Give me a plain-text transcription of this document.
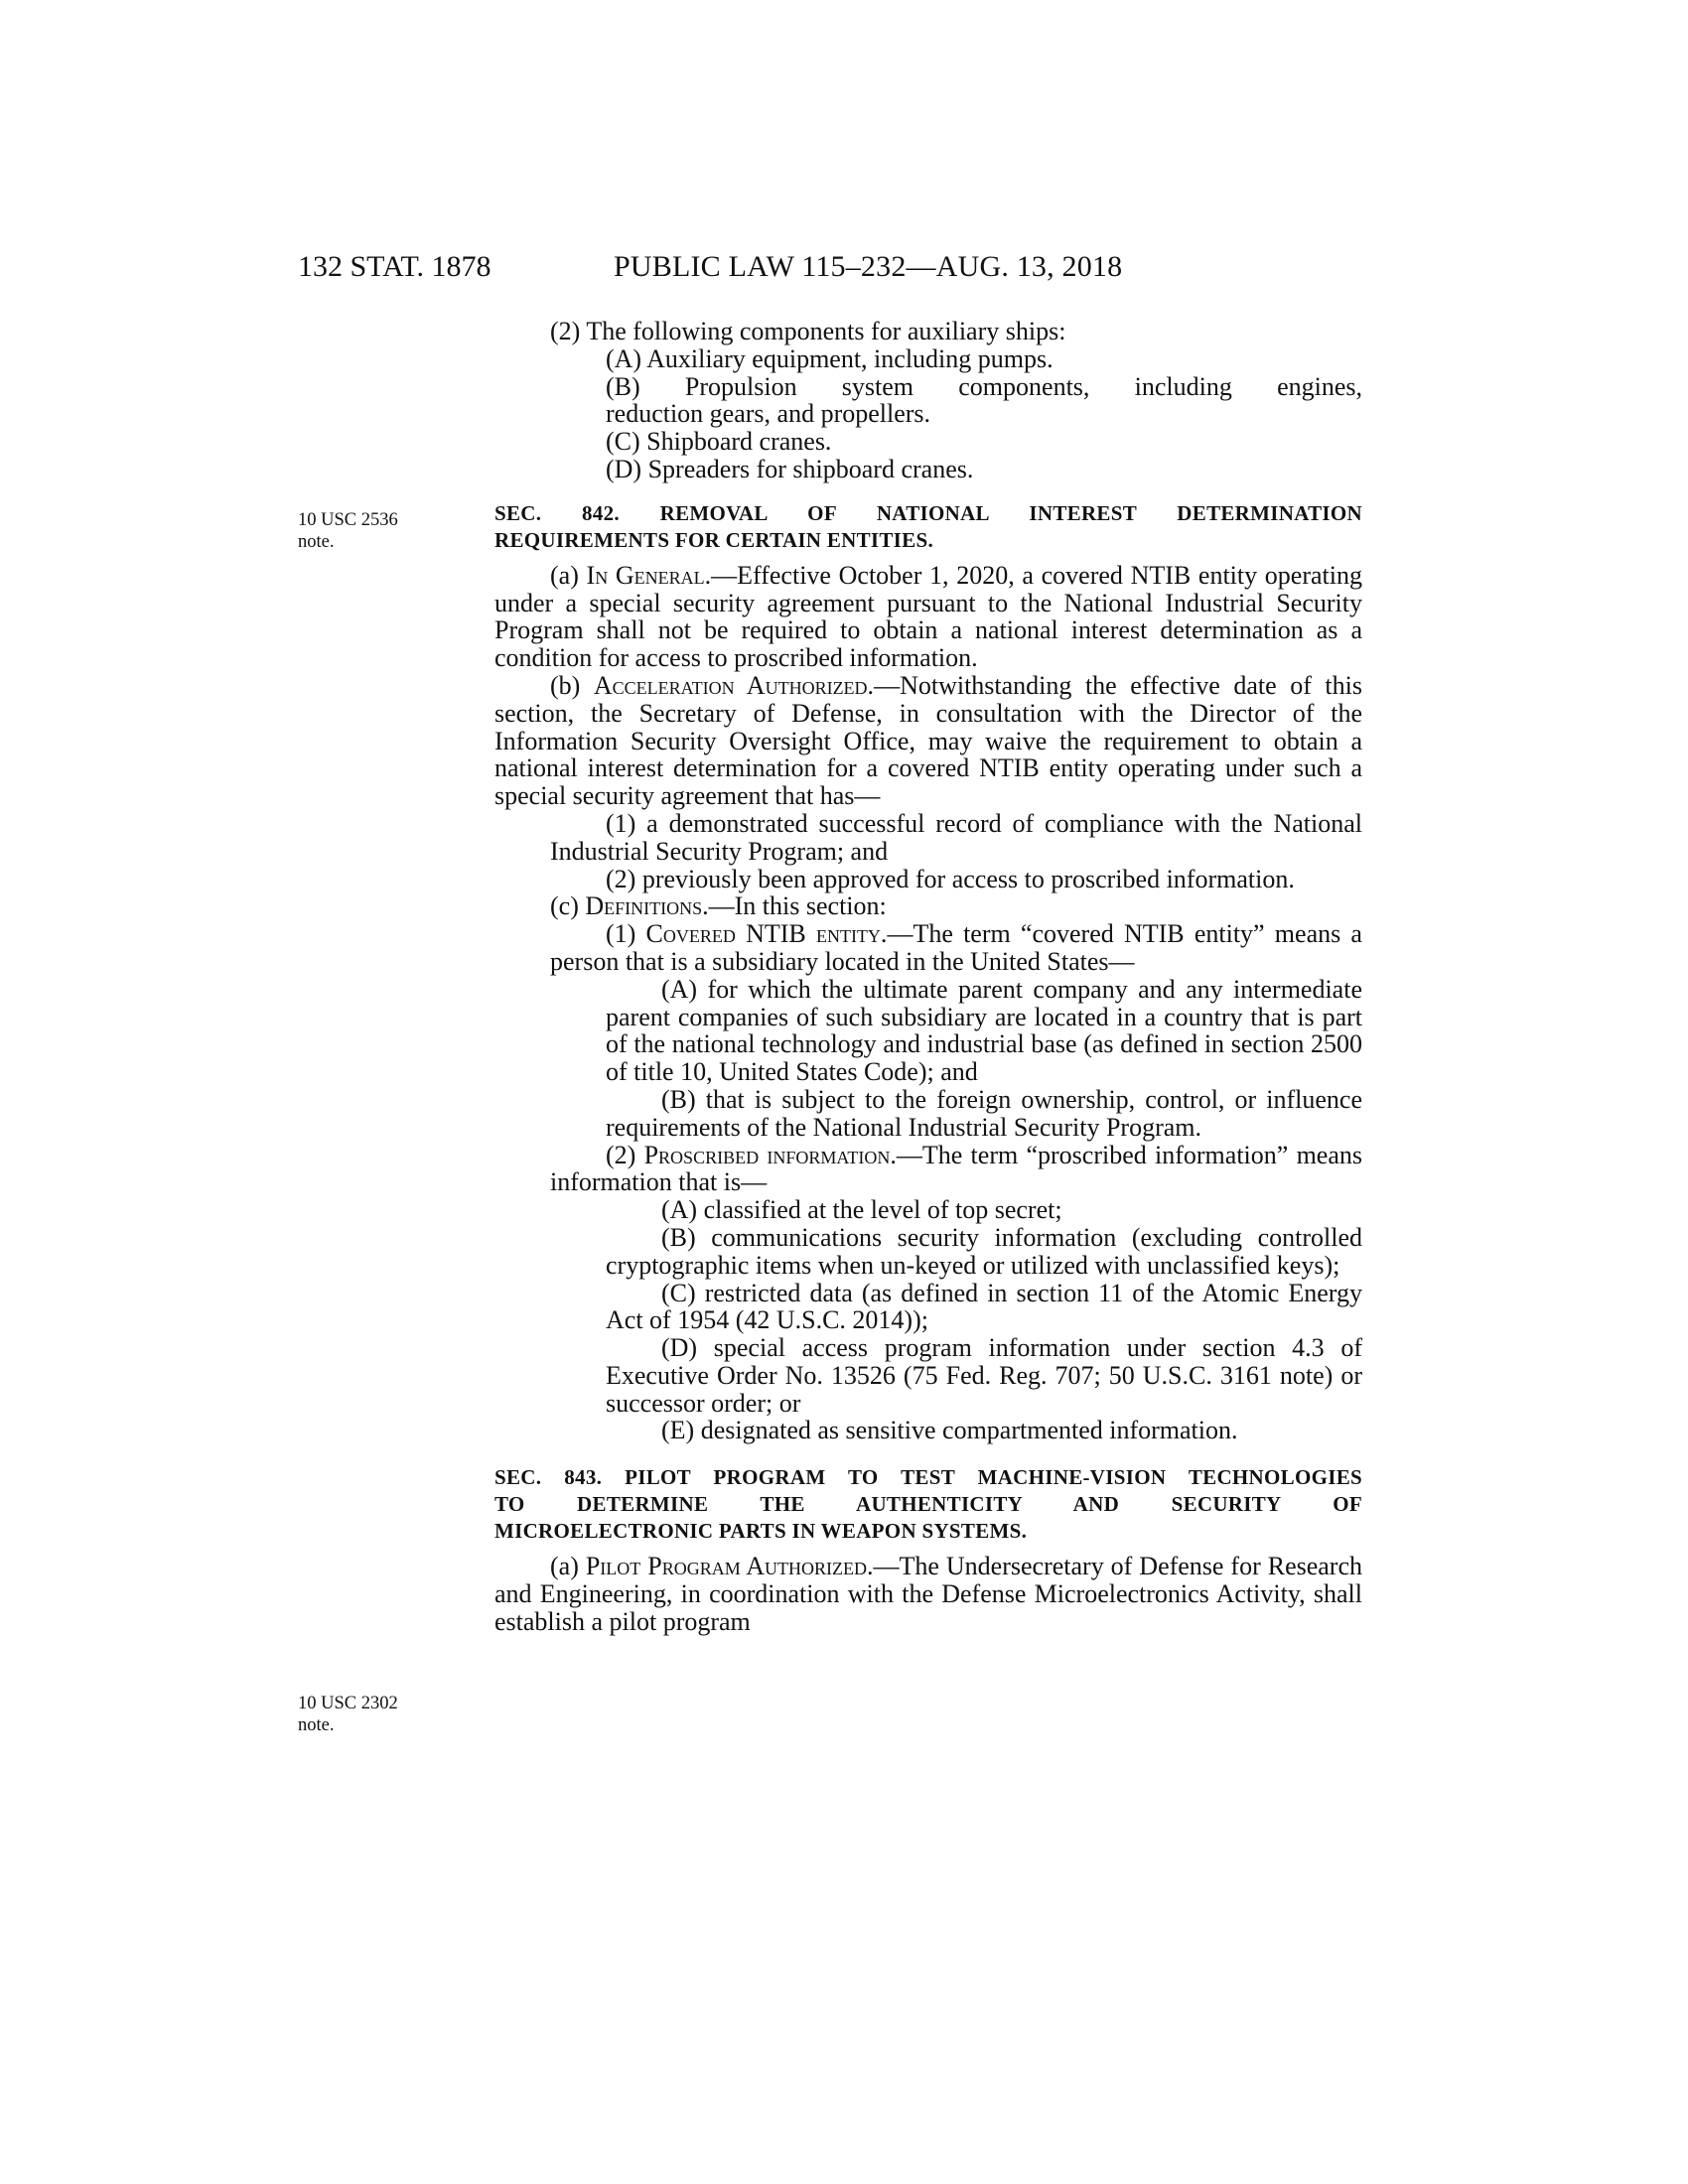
132 STAT. 1878	PUBLIC LAW 115–232—AUG. 13, 2018
10 USC 2536
note.
10 USC 2302
note.
(2) The following components for auxiliary ships:
(A) Auxiliary equipment, including pumps.
(B) Propulsion system components, including engines,
reduction gears, and propellers.
(C) Shipboard cranes.
(D) Spreaders for shipboard cranes.
SEC. 842. REMOVAL OF NATIONAL INTEREST DETERMINATION
REQUIREMENTS FOR CERTAIN ENTITIES.
(a) In General.—Effective October 1, 2020, a covered NTIB entity operating under a special security agreement pursuant to the National Industrial Security Program shall not be required to obtain a national interest determination as a condition for access to proscribed information.
(b) Acceleration Authorized.—Notwithstanding the effective date of this section, the Secretary of Defense, in consultation with the Director of the Information Security Oversight Office, may waive the requirement to obtain a national interest determination for a covered NTIB entity operating under such a special security agreement that has—
(1) a demonstrated successful record of compliance with the National Industrial Security Program; and
(2) previously been approved for access to proscribed information.
(c) Definitions.—In this section:
(1) Covered NTIB entity.—The term “covered NTIB entity” means a person that is a subsidiary located in the United States—
(A) for which the ultimate parent company and any intermediate parent companies of such subsidiary are located in a country that is part of the national technology and industrial base (as defined in section 2500 of title 10, United States Code); and
(B) that is subject to the foreign ownership, control, or influence requirements of the National Industrial Security Program.
(2) Proscribed information.—The term “proscribed information” means information that is—
(A) classified at the level of top secret;
(B) communications security information (excluding controlled cryptographic items when un-keyed or utilized with unclassified keys);
(C) restricted data (as defined in section 11 of the Atomic Energy Act of 1954 (42 U.S.C. 2014));
(D) special access program information under section 4.3 of Executive Order No. 13526 (75 Fed. Reg. 707; 50 U.S.C. 3161 note) or successor order; or
(E) designated as sensitive compartmented information.
SEC. 843. PILOT PROGRAM TO TEST MACHINE-VISION TECHNOLOGIES
TO DETERMINE THE AUTHENTICITY AND SECURITY OF
MICROELECTRONIC PARTS IN WEAPON SYSTEMS.
(a) Pilot Program Authorized.—The Undersecretary of Defense for Research and Engineering, in coordination with the Defense Microelectronics Activity, shall establish a pilot program
